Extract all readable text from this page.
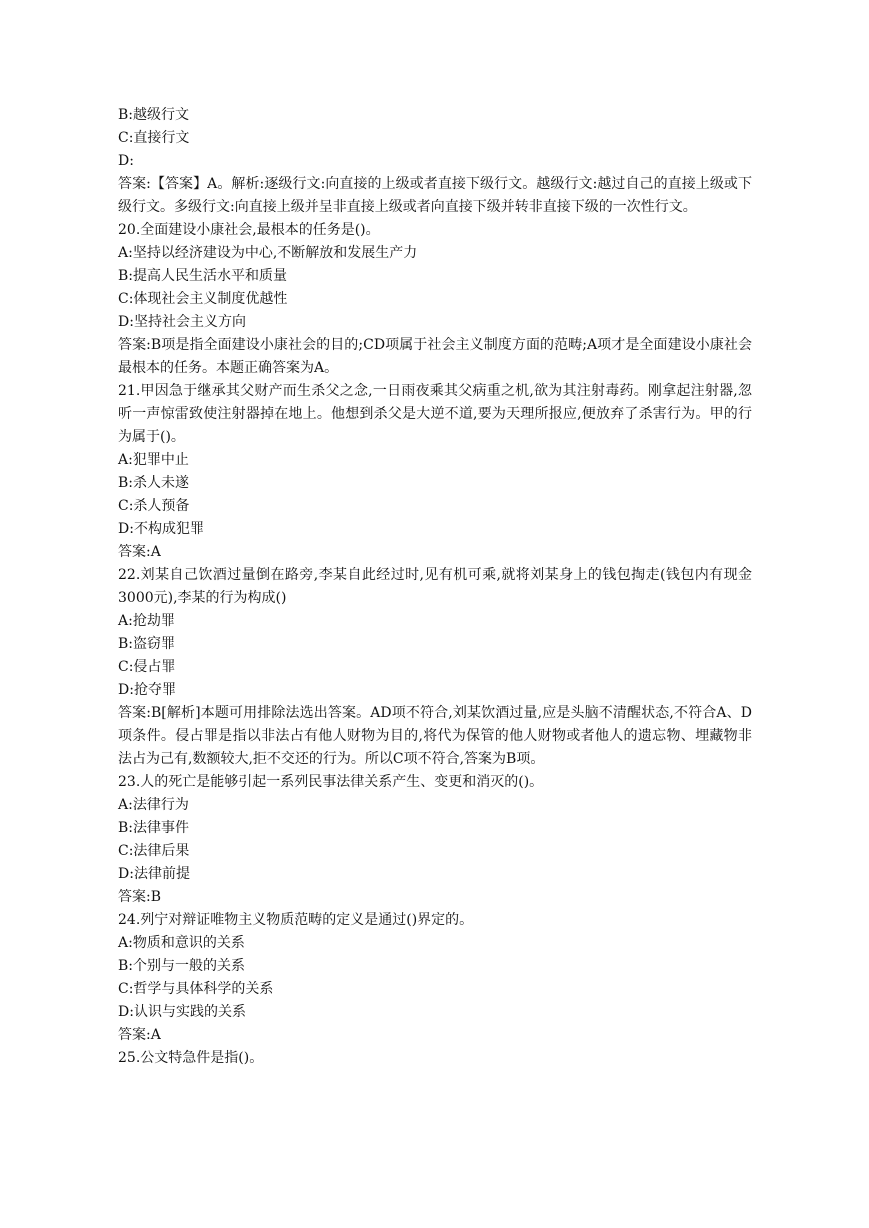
B:越级行文
C:直接行文
D:
答案:【答案】A。解析:逐级行文:向直接的上级或者直接下级行文。越级行文:越过自己的直接上级或下级行文。多级行文:向直接上级并呈非直接上级或者向直接下级并转非直接下级的一次性行文。
20.全面建设小康社会,最根本的任务是()。
A:坚持以经济建设为中心,不断解放和发展生产力
B:提高人民生活水平和质量
C:体现社会主义制度优越性
D:坚持社会主义方向
答案:B项是指全面建设小康社会的目的;CD项属于社会主义制度方面的范畴;A项才是全面建设小康社会最根本的任务。本题正确答案为A。
21.甲因急于继承其父财产而生杀父之念,一日雨夜乘其父病重之机,欲为其注射毒药。刚拿起注射器,忽听一声惊雷致使注射器掉在地上。他想到杀父是大逆不道,要为天理所报应,便放弃了杀害行为。甲的行为属于()。
A:犯罪中止
B:杀人未遂
C:杀人预备
D:不构成犯罪
答案:A
22.刘某自己饮酒过量倒在路旁,李某自此经过时,见有机可乘,就将刘某身上的钱包掏走(钱包内有现金3000元),李某的行为构成()
A:抢劫罪
B:盗窃罪
C:侵占罪
D:抢夺罪
答案:B[解析]本题可用排除法选出答案。AD项不符合,刘某饮酒过量,应是头脑不清醒状态,不符合A、D项条件。侵占罪是指以非法占有他人财物为目的,将代为保管的他人财物或者他人的遗忘物、埋藏物非法占为己有,数额较大,拒不交还的行为。所以C项不符合,答案为B项。
23.人的死亡是能够引起一系列民事法律关系产生、变更和消灭的()。
A:法律行为
B:法律事件
C:法律后果
D:法律前提
答案:B
24.列宁对辩证唯物主义物质范畴的定义是通过()界定的。
A:物质和意识的关系
B:个别与一般的关系
C:哲学与具体科学的关系
D:认识与实践的关系
答案:A
25.公文特急件是指()。
